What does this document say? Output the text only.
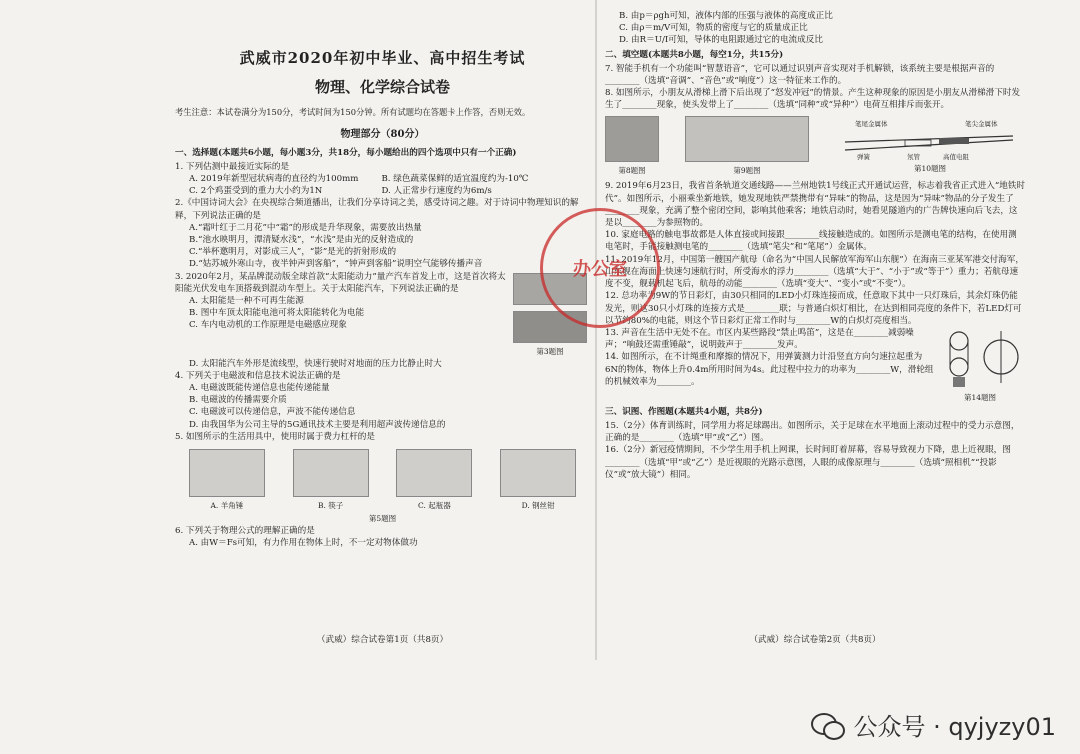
武威市2020年初中毕业、高中招生考试
物理、化学综合试卷
考生注意：本试卷满分为150分，考试时间为150分钟。所有试题均在答题卡上作答，否则无效。
物理部分（80分）
一、选择题(本题共6小题，每小题3分，共18分，每小题给出的四个选项中只有一个正确)
1. 下列估测中最接近实际的是
A. 2019年新型冠状病毒的直径约为100mm	B. 绿色蔬菜保鲜的适宜温度约为-10℃
C. 2个鸡蛋受到的重力大小约为1N	D. 人正常步行速度约为6m/s
2.《中国诗词大会》在央视综合频道播出，让我们分享诗词之美，感受诗词之趣。对于诗词中物理知识的解释，下列说法正确的是
A.“霜叶红于二月花”中“霜”的形成是升华现象，需要放出热量
B.“池水映明月，潭清疑水浅”，“水浅”是由光的反射造成的
C.“举杯邀明月，对影成三人”，“影”是光的折射形成的
D.“姑苏城外寒山寺，夜半钟声到客船”，“钟声到客船”说明空气能够传播声音
3. 2020年2月，某品牌混动版全球首款“太阳能动力”量产汽车首发上市，这是首次将太阳能光伏发电车顶搭载到混动车型上。关于太阳能汽车，下列说法正确的是
A. 太阳能是一种不可再生能源
B. 图中车顶太阳能电池可将太阳能转化为电能
C. 车内电动机的工作原理是电磁感应现象

第3题图
D. 太阳能汽车外形是流线型，快速行驶时对地面的压力比静止时大
4. 下列关于电磁波和信息技术说法正确的是
A. 电磁波既能传递信息也能传递能量
B. 电磁波的传播需要介质
C. 电磁波可以传递信息，声波不能传递信息
D. 由我国华为公司主导的5G通讯技术主要是利用超声波传递信息的
5. 如图所示的生活用具中，使用时属于费力杠杆的是
A. 羊角锤	B. 筷子	C. 起瓶器	D. 钢丝钳
第5题图
6. 下列关于物理公式的理解正确的是
A. 由W＝Fs可知，有力作用在物体上时，不一定对物体做功
（武威）综合试卷第1页（共8页）
B. 由p＝ρgh可知，液体内部的压强与液体的高度成正比
C. 由ρ＝m/V可知，物质的密度与它的质量成正比
D. 由R＝U/I可知，导体的电阻跟通过它的电流成反比
二、填空题(本题共8小题，每空1分，共15分)
7. 智能手机有一个功能叫“智慧语音”，它可以通过识别声音实现对手机解锁，该系统主要是根据声音的________（选填“音调”、“音色”或“响度”）这一特征来工作的。
8. 如图所示，小朋友从滑梯上滑下后出现了“怒发冲冠”的情景。产生这种现象的原因是小朋友从滑梯滑下时发生了________现象，使头发带上了________（选填“同种”或“异种”）电荷互相排斥而张开。
第8题图	第9题图
笔尾金属体	笔尖金属体
弹簧	氖管	高值电阻
第10题图
9. 2019年6月23日，我省首条轨道交通线路——兰州地铁1号线正式开通试运营，标志着我省正式进入“地铁时代”。如图所示，小丽乘坐新地铁，她发现地铁严禁携带有“异味”的物品，这是因为“异味”物品的分子发生了________现象，充满了整个密闭空间，影响其他乘客；地铁启动时，她看见隧道内的广告牌快速向后飞去，这是以________为参照物的。
10. 家庭电路的触电事故都是人体直接或间接跟________线接触造成的。如图所示是测电笔的结构，在使用测电笔时，手能接触测电笔的________（选填“笔尖”和“笔尾”）金属体。
11. 2019年12月，中国第一艘国产航母（命名为“中国人民解放军海军山东舰”）在海南三亚某军港交付海军，山东舰在海面上快速匀速航行时，所受海水的浮力________（选填“大于”、“小于”或“等于”）重力；若航母速度不变，舰载机起飞后，航母的动能________（选填“变大”、“变小”或“不变”）。
12. 总功率为9W的节日彩灯，由30只相同的LED小灯珠连接而成，任意取下其中一只灯珠后，其余灯珠仍能发光，则这30只小灯珠的连接方式是________联；与普通白炽灯相比，在达到相同亮度的条件下，若LED灯可以节约80%的电能，则这个节日彩灯正常工作时与________W的白炽灯亮度相当。
13. 声音在生活中无处不在。市区内某些路段“禁止鸣笛”，这是在________减弱噪声；“响鼓还需重锤敲”，说明鼓声于________发声。
14. 如图所示，在不计绳重和摩擦的情况下，用弹簧测力计沿竖直方向匀速拉起重为6N的物体，物体上升0.4m所用时间为4s。此过程中拉力的功率为________W，滑轮组的机械效率为________。
第14题图
三、识图、作图题(本题共4小题，共8分)
15.（2分）体育训练时，同学用力将足球踢出。如图所示，关于足球在水平地面上滚动过程中的受力示意图，正确的是________（选填“甲”或“乙”）图。
16.（2分）新冠疫情期间，不少学生用手机上网课，长时间盯着屏幕，容易导致视力下降，患上近视眼，图________（选填“甲”或“乙”）是近视眼的光路示意图，人眼的成像原理与________（选填“照相机”“投影仪”或“放大镜”）相同。
（武威）综合试卷第2页（共8页）
办公室
公众号 · qyjyzy01
